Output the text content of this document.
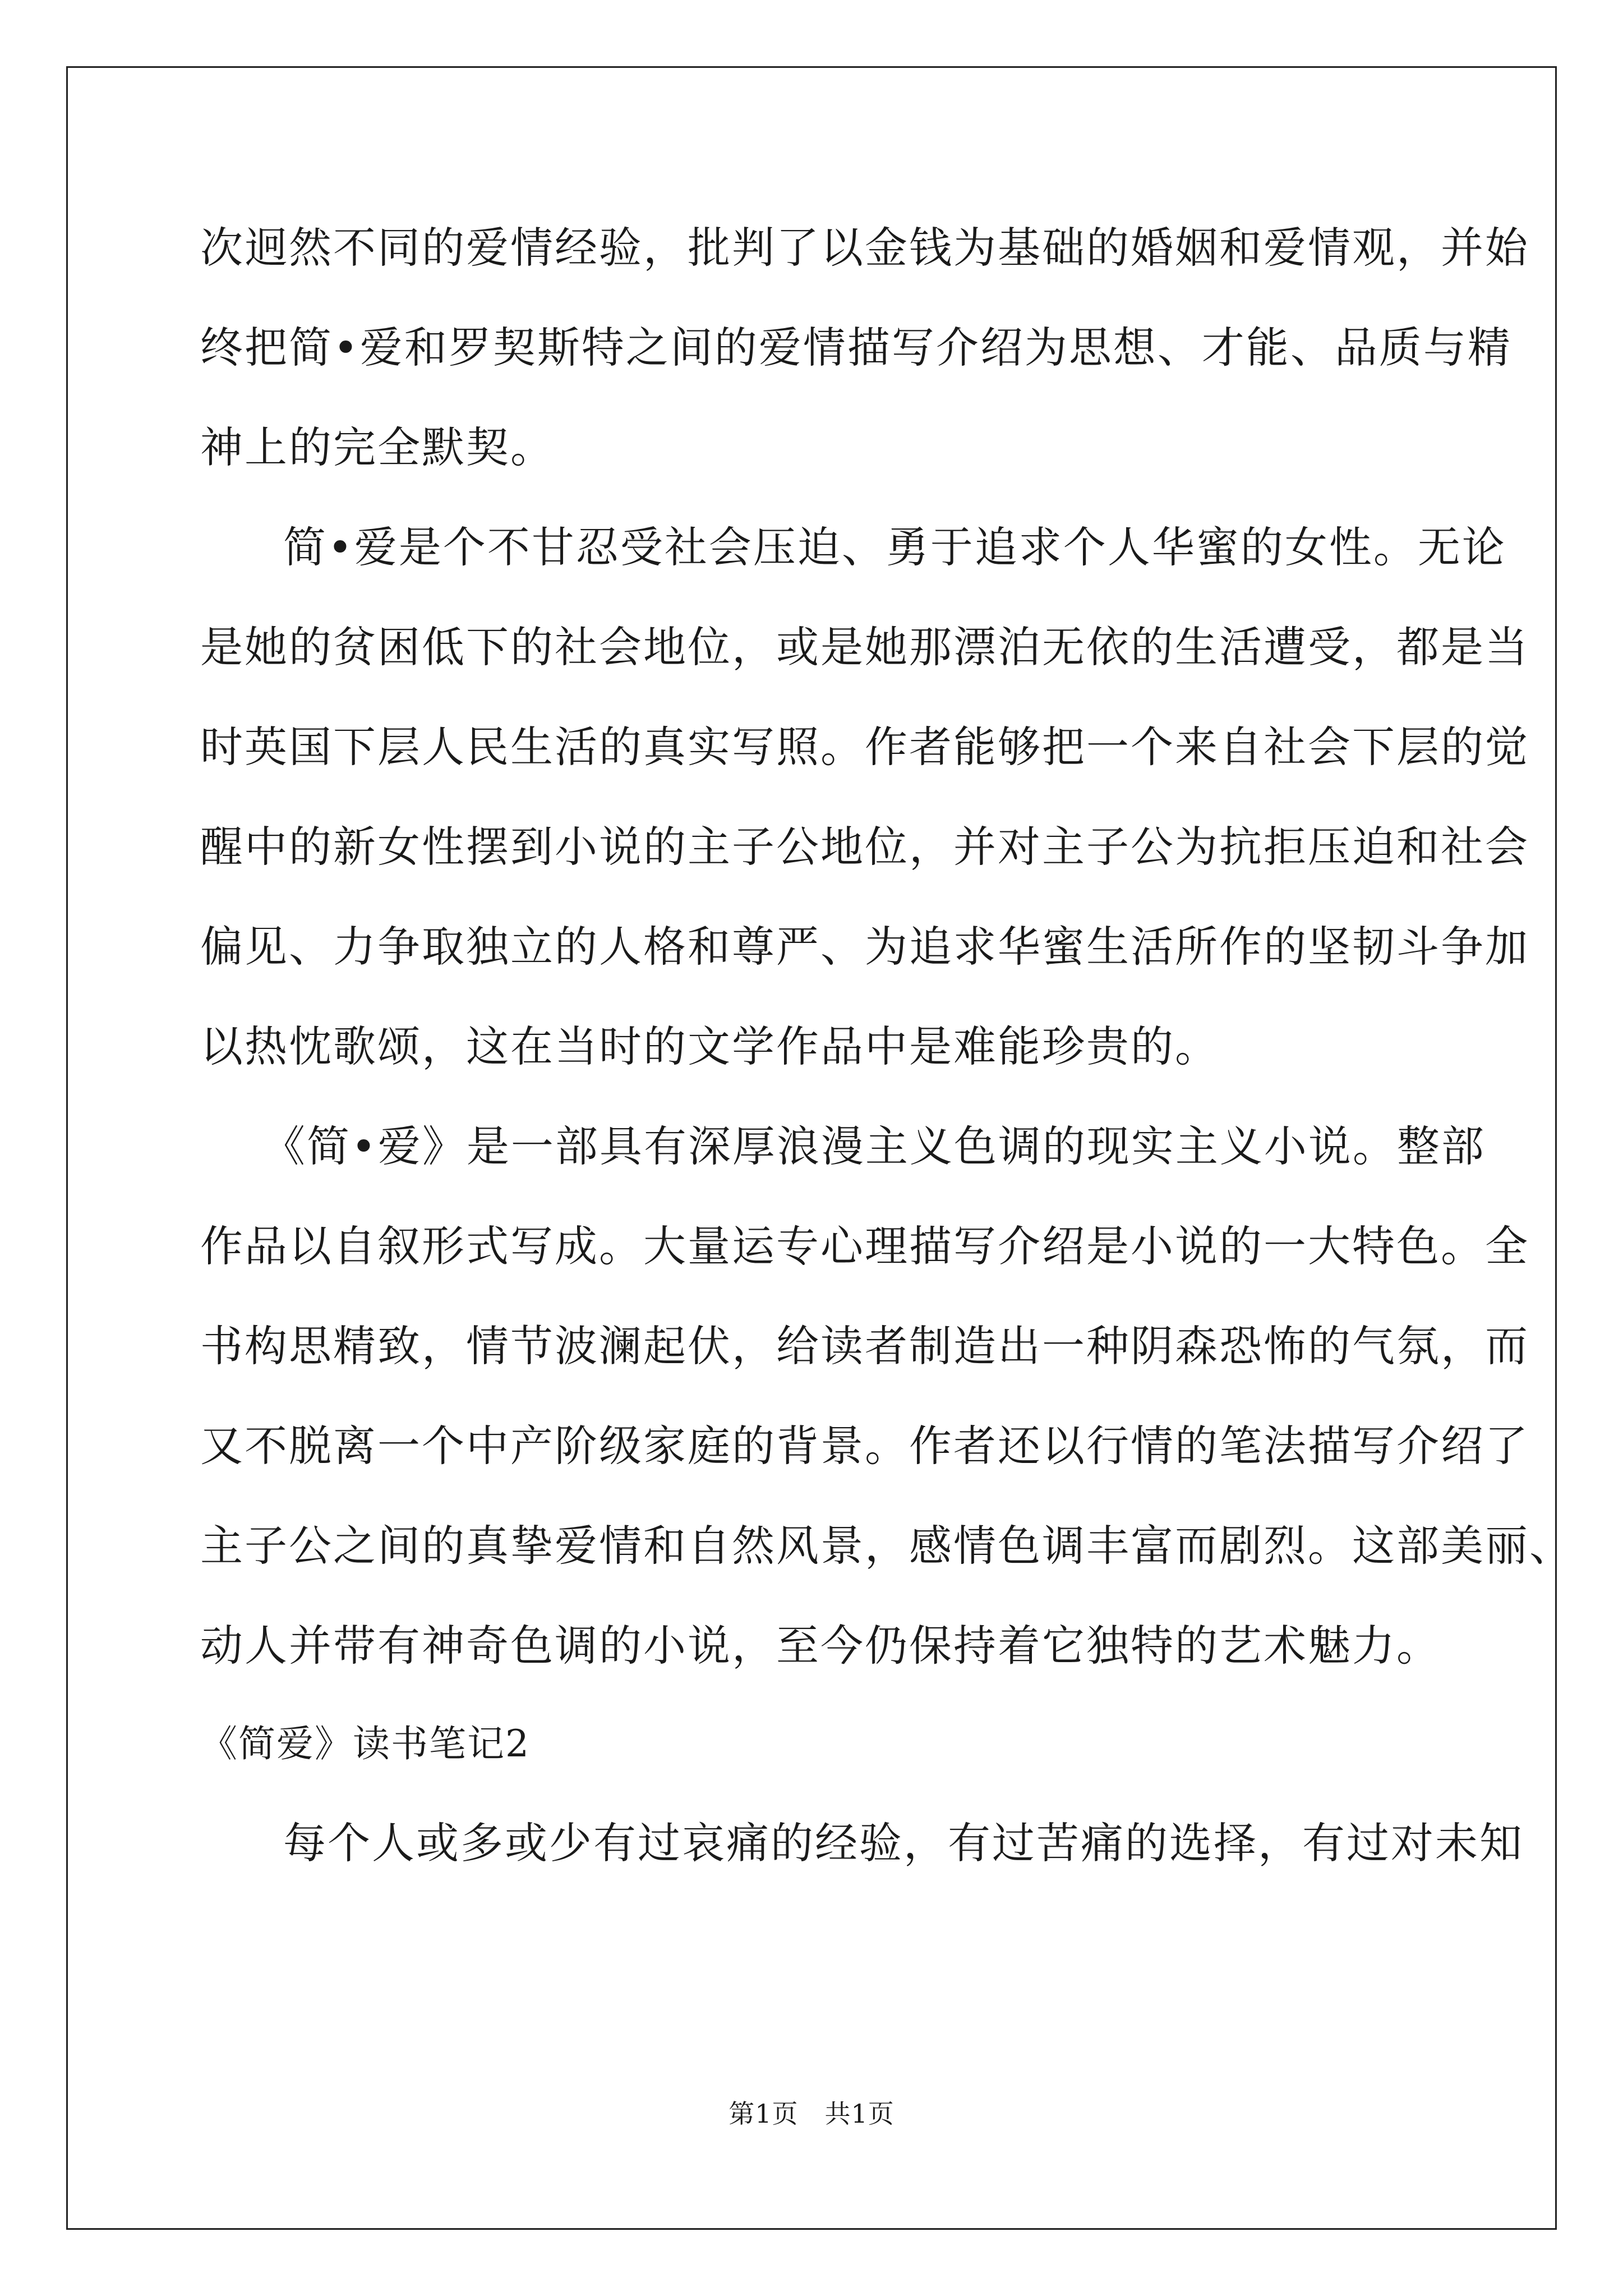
次迥然不同的爱情经验，批判了以金钱为基础的婚姻和爱情观，并始
终把简•爱和罗契斯特之间的爱情描写介绍为思想、才能、品质与精
神上的完全默契。
简•爱是个不甘忍受社会压迫、勇于追求个人华蜜的女性。无论
是她的贫困低下的社会地位，或是她那漂泊无依的生活遭受，都是当
时英国下层人民生活的真实写照。作者能够把一个来自社会下层的觉
醒中的新女性摆到小说的主子公地位，并对主子公为抗拒压迫和社会
偏见、力争取独立的人格和尊严、为追求华蜜生活所作的坚韧斗争加
以热忱歌颂，这在当时的文学作品中是难能珍贵的。
《简•爱》是一部具有深厚浪漫主义色调的现实主义小说。整部
作品以自叙形式写成。大量运专心理描写介绍是小说的一大特色。全
书构思精致，情节波澜起伏，给读者制造出一种阴森恐怖的气氛，而
又不脱离一个中产阶级家庭的背景。作者还以行情的笔法描写介绍了
主子公之间的真挚爱情和自然风景，感情色调丰富而剧烈。这部美丽、
动人并带有神奇色调的小说，至今仍保持着它独特的艺术魅力。
《简爱》读书笔记2
每个人或多或少有过哀痛的经验，有过苦痛的选择，有过对未知
第1页　共1页
